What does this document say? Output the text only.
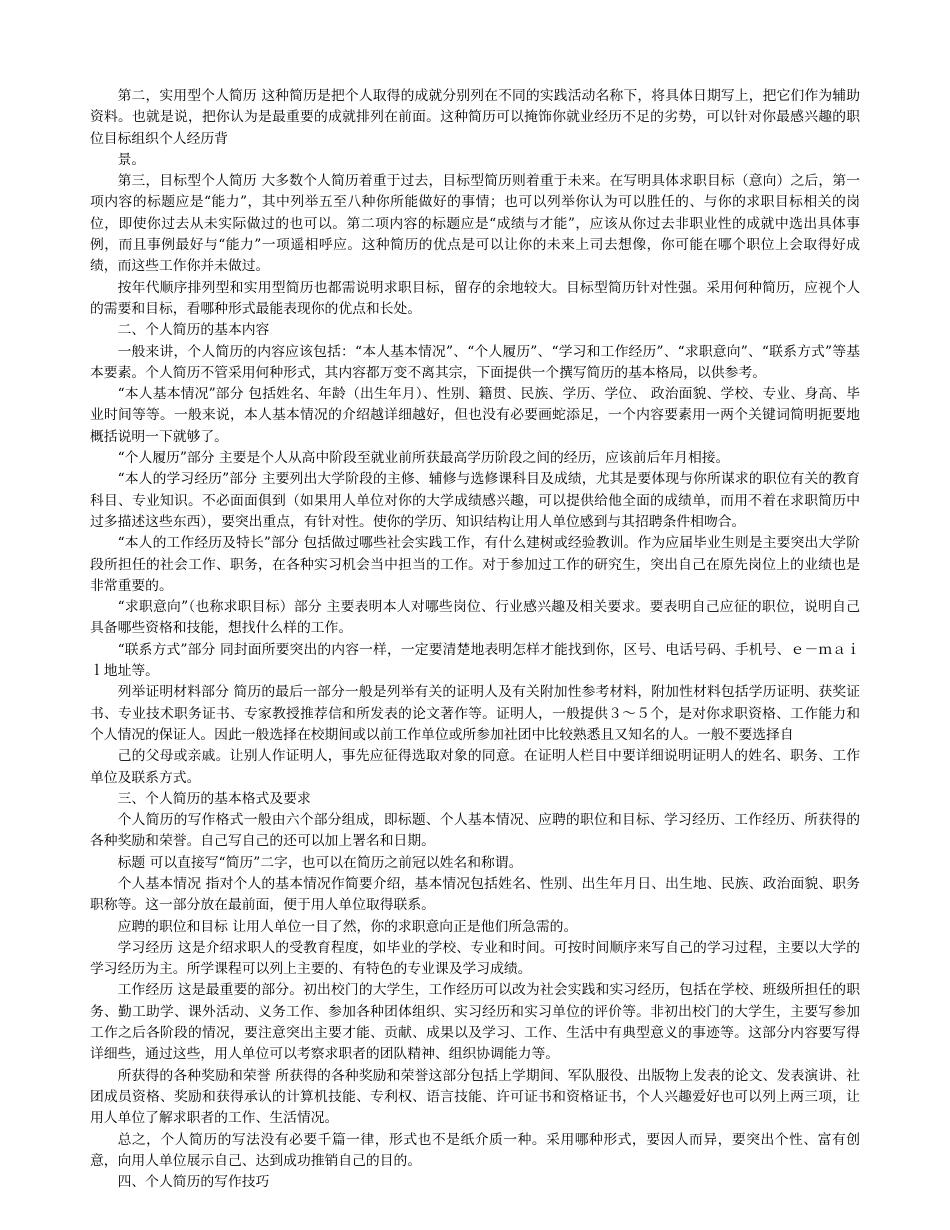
第二，实用型个人简历 这种简历是把个人取得的成就分别列在不同的实践活动名称下，将具体日期写上，把它们作为辅助资料。也就是说，把你认为是最重要的成就排列在前面。这种简历可以掩饰你就业经历不足的劣势，可以针对你最感兴趣的职位目标组织个人经历背

景。

第三，目标型个人简历 大多数个人简历着重于过去，目标型简历则着重于未来。在写明具体求职目标（意向）之后，第一项内容的标题应是“能力”，其中列举五至八种你所能做好的事情；也可以列举你认为可以胜任的、与你的求职目标相关的岗位，即使你过去从未实际做过的也可以。第二项内容的标题应是“成绩与才能”，应该从你过去非职业性的成就中选出具体事例，而且事例最好与“能力”一项遥相呼应。这种简历的优点是可以让你的未来上司去想像，你可能在哪个职位上会取得好成绩，而这些工作你并未做过。

按年代顺序排列型和实用型简历也都需说明求职目标，留存的余地较大。目标型简历针对性强。采用何种简历，应视个人的需要和目标，看哪种形式最能表现你的优点和长处。

二、个人简历的基本内容

一般来讲，个人简历的内容应该包括：“本人基本情况”、“个人履历”、“学习和工作经历”、“求职意向”、“联系方式”等基本要素。个人简历不管采用何种形式，其内容都万变不离其宗，下面提供一个撰写简历的基本格局，以供参考。

“本人基本情况”部分 包括姓名、年龄（出生年月）、性别、籍贯、民族、学历、学位、 政治面貌、学校、专业、身高、毕业时间等等。一般来说，本人基本情况的介绍越详细越好，但也没有必要画蛇添足，一个内容要素用一两个关键词简明扼要地概括说明一下就够了。

“个人履历”部分 主要是个人从高中阶段至就业前所获最高学历阶段之间的经历，应该前后年月相接。

“本人的学习经历”部分 主要列出大学阶段的主修、辅修与选修课科目及成绩，尤其是要体现与你所谋求的职位有关的教育科目、专业知识。不必面面俱到（如果用人单位对你的大学成绩感兴趣，可以提供给他全面的成绩单，而用不着在求职简历中过多描述这些东西），要突出重点，有针对性。使你的学历、知识结构让用人单位感到与其招聘条件相吻合。

“本人的工作经历及特长”部分 包括做过哪些社会实践工作，有什么建树或经验教训。作为应届毕业生则是主要突出大学阶段所担任的社会工作、职务，在各种实习机会当中担当的工作。对于参加过工作的研究生，突出自己在原先岗位上的业绩也是非常重要的。

“求职意向”（也称求职目标）部分 主要表明本人对哪些岗位、行业感兴趣及相关要求。要表明自己应征的职位，说明自己具备哪些资格和技能，想找什么样的工作。

“联系方式”部分 同封面所要突出的内容一样，一定要清楚地表明怎样才能找到你，区号、电话号码、手机号、ｅ－ｍａｉｌ地址等。

列举证明材料部分 简历的最后一部分一般是列举有关的证明人及有关附加性参考材料，附加性材料包括学历证明、获奖证书、专业技术职务证书、专家教授推荐信和所发表的论文著作等。证明人，一般提供３～５个，是对你求职资格、工作能力和个人情况的保证人。因此一般选择在校期间或以前工作单位或所参加社团中比较熟悉且又知名的人。一般不要选择自

己的父母或亲戚。让别人作证明人，事先应征得选取对象的同意。在证明人栏目中要详细说明证明人的姓名、职务、工作单位及联系方式。

三、个人简历的基本格式及要求

个人简历的写作格式一般由六个部分组成，即标题、个人基本情况、应聘的职位和目标、学习经历、工作经历、所获得的各种奖励和荣誉。自己写自己的还可以加上署名和日期。

标题 可以直接写“简历”二字，也可以在简历之前冠以姓名和称谓。

个人基本情况 指对个人的基本情况作简要介绍，基本情况包括姓名、性别、出生年月日、出生地、民族、政治面貌、职务职称等。这一部分放在最前面，便于用人单位取得联系。

应聘的职位和目标 让用人单位一目了然，你的求职意向正是他们所急需的。

学习经历 这是介绍求职人的受教育程度，如毕业的学校、专业和时间。可按时间顺序来写自己的学习过程，主要以大学的学习经历为主。所学课程可以列上主要的、有特色的专业课及学习成绩。

工作经历 这是最重要的部分。初出校门的大学生，工作经历可以改为社会实践和实习经历，包括在学校、班级所担任的职务、勤工助学、课外活动、义务工作、参加各种团体组织、实习经历和实习单位的评价等。非初出校门的大学生，主要写参加工作之后各阶段的情况，要注意突出主要才能、贡献、成果以及学习、工作、生活中有典型意义的事迹等。这部分内容要写得详细些，通过这些，用人单位可以考察求职者的团队精神、组织协调能力等。

所获得的各种奖励和荣誉 所获得的各种奖励和荣誉这部分包括上学期间、军队服役、出版物上发表的论文、发表演讲、社团成员资格、奖励和获得承认的计算机技能、专利权、语言技能、许可证书和资格证书，个人兴趣爱好也可以列上两三项，让用人单位了解求职者的工作、生活情况。

总之，个人简历的写法没有必要千篇一律，形式也不是纸介质一种。采用哪种形式，要因人而异，要突出个性、富有创意，向用人单位展示自己、达到成功推销自己的目的。

四、个人简历的写作技巧
